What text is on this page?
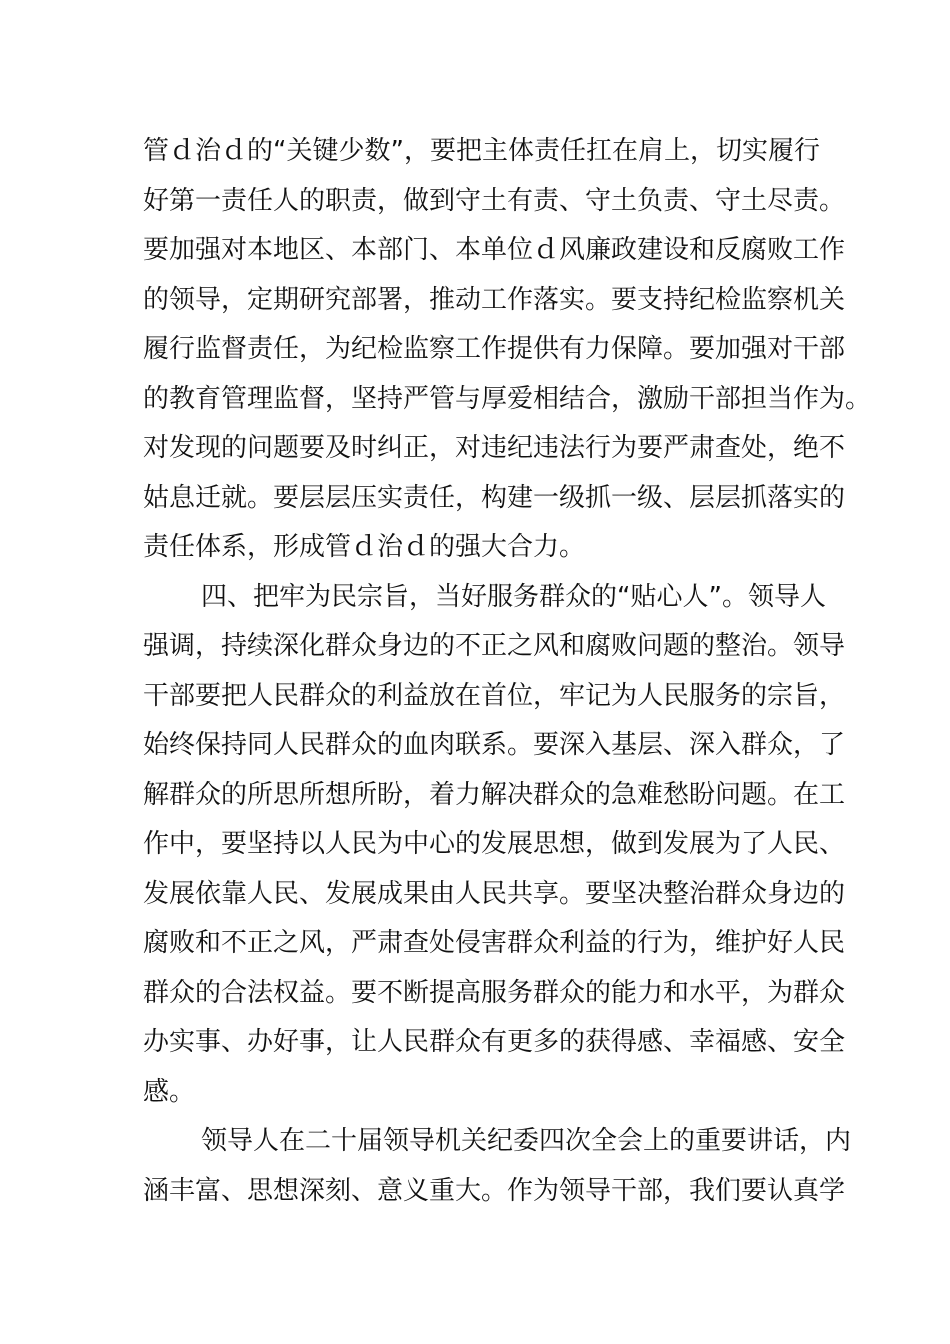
管ｄ治ｄ的“关键少数”，要把主体责任扛在肩上，切实履行
好第一责任人的职责，做到守土有责、守土负责、守土尽责。
要加强对本地区、本部门、本单位ｄ风廉政建设和反腐败工作
的领导，定期研究部署，推动工作落实。要支持纪检监察机关
履行监督责任，为纪检监察工作提供有力保障。要加强对干部
的教育管理监督，坚持严管与厚爱相结合，激励干部担当作为。
对发现的问题要及时纠正，对违纪违法行为要严肃查处，绝不
姑息迁就。要层层压实责任，构建一级抓一级、层层抓落实的
责任体系，形成管ｄ治ｄ的强大合力。
四、把牢为民宗旨，当好服务群众的“贴心人”。领导人
强调，持续深化群众身边的不正之风和腐败问题的整治。领导
干部要把人民群众的利益放在首位，牢记为人民服务的宗旨，
始终保持同人民群众的血肉联系。要深入基层、深入群众，了
解群众的所思所想所盼，着力解决群众的急难愁盼问题。在工
作中，要坚持以人民为中心的发展思想，做到发展为了人民、
发展依靠人民、发展成果由人民共享。要坚决整治群众身边的
腐败和不正之风，严肃查处侵害群众利益的行为，维护好人民
群众的合法权益。要不断提高服务群众的能力和水平，为群众
办实事、办好事，让人民群众有更多的获得感、幸福感、安全
感。
领导人在二十届领导机关纪委四次全会上的重要讲话，内
涵丰富、思想深刻、意义重大。作为领导干部，我们要认真学
